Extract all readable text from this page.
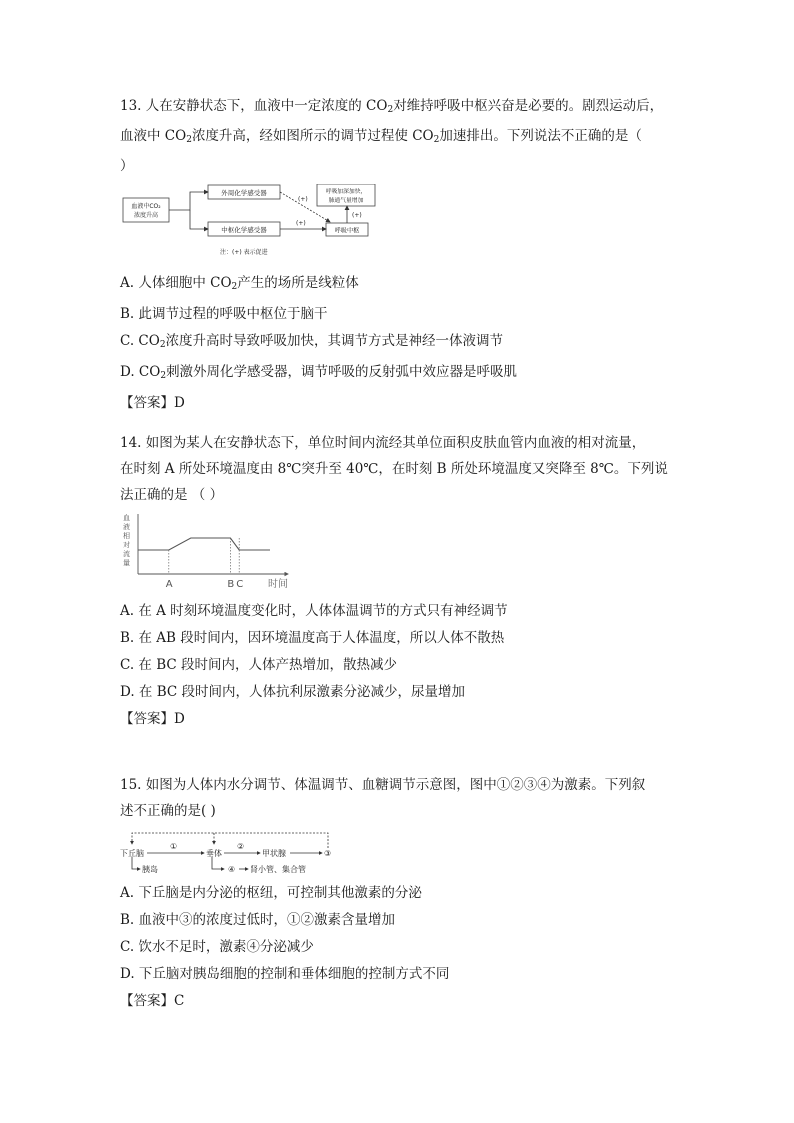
13. 人在安静状态下，血液中一定浓度的 $CO_2$对维持呼吸中枢兴奋是必要的。剧烈运动后，
血液中 $CO_2$浓度升高，经如图所示的调节过程使 $CO_2$加速排出。下列说法不正确的是（
）
血液中CO₂
浓度升高
外周化学感受器
中枢化学感受器
呼吸加深加快，
肺通气量增加
呼吸中枢
(+)
(+)
(+)
注：(+) 表示促进
A. 人体细胞中 $CO_2$产生的场所是线粒体
B. 此调节过程的呼吸中枢位于脑干
C. $CO_2$浓度升高时导致呼吸加快，其调节方式是神经一体液调节
D. $CO_2$刺激外周化学感受器，调节呼吸的反射弧中效应器是呼吸肌
【答案】D
14. 如图为某人在安静状态下，单位时间内流经其单位面积皮肤血管内血液的相对流量，
在时刻 A 所处环境温度由 8℃突升至 40℃，在时刻 B 所处环境温度又突降至 8℃。下列说
法正确的是 （ ）
血
液
相
对
流
量
A	B C 时间
A. 在 A 时刻环境温度变化时，人体体温调节的方式只有神经调节
B. 在 AB 段时间内，因环境温度高于人体温度，所以人体不散热
C. 在 BC 段时间内，人体产热增加，散热减少
D. 在 BC 段时间内，人体抗利尿激素分泌减少，尿量增加
【答案】D
15. 如图为人体内水分调节、体温调节、血糖调节示意图，图中①②③④为激素。下列叙
述不正确的是( )
下丘脑	垂体	甲状腺	③
胰岛	肾小管、集合管
①	②
④
A. 下丘脑是内分泌的枢纽，可控制其他激素的分泌
B. 血液中③的浓度过低时，①②激素含量增加
C. 饮水不足时，激素④分泌减少
D. 下丘脑对胰岛细胞的控制和垂体细胞的控制方式不同
【答案】C
